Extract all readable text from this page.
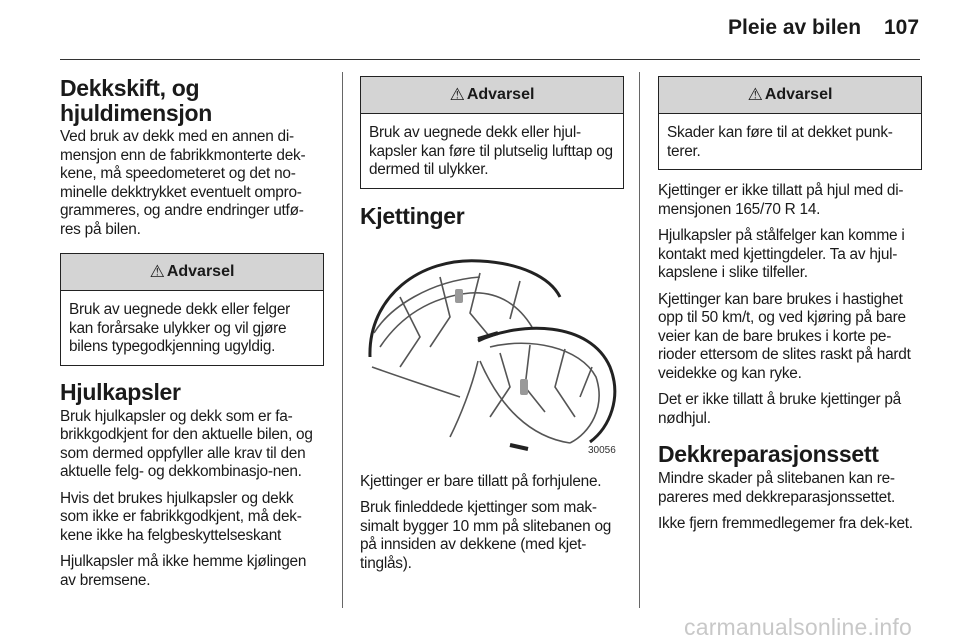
Pleie av bilen 107
Dekkskift, og
hjuldimensjon

Ved bruk av dekk med en annen di-mensjon enn de fabrikkmonterte dek-kene, må speedometeret og det no-minelle dekktrykket eventuelt ompro-grammeres, og andre endringer utfø-res på bilen.

⚠ Advarsel
Bruk av uegnede dekk eller felger kan forårsake ulykker og vil gjøre bilens typegodkjenning ugyldig.
Hjulkapsler

Bruk hjulkapsler og dekk som er fa-brikkgodkjent for den aktuelle bilen, og som dermed oppfyller alle krav til den aktuelle felg- og dekkombinasjo-nen.

Hvis det brukes hjulkapsler og dekk som ikke er fabrikkgodkjent, må dek-kene ikke ha felgbeskyttelseskant

Hjulkapsler må ikke hemme kjølingen av bremsene.

⚠ Advarsel
Bruk av uegnede dekk eller hjul-kapsler kan føre til plutselig lufttap og dermed til ulykker.
Kjettinger
30056

Kjettinger er bare tillatt på forhjulene.

Bruk finleddede kjettinger som mak-simalt bygger 10 mm på slitebanen og på innsiden av dekkene (med kjet-tinglås).

⚠ Advarsel
Skader kan føre til at dekket punk-terer.

Kjettinger er ikke tillatt på hjul med di-mensjonen 165/70 R 14.

Hjulkapsler på stålfelger kan komme i kontakt med kjettingdeler. Ta av hjul-kapslene i slike tilfeller.

Kjettinger kan bare brukes i hastighet opp til 50 km/t, og ved kjøring på bare veier kan de bare brukes i korte pe-rioder ettersom de slites raskt på hardt veidekke og kan ryke.

Det er ikke tillatt å bruke kjettinger på nødhjul.

Dekkreparasjonssett

Mindre skader på slitebanen kan re-pareres med dekkreparasjonssettet.

Ikke fjern fremmedlegemer fra dek-ket.

carmanualsonline.info
